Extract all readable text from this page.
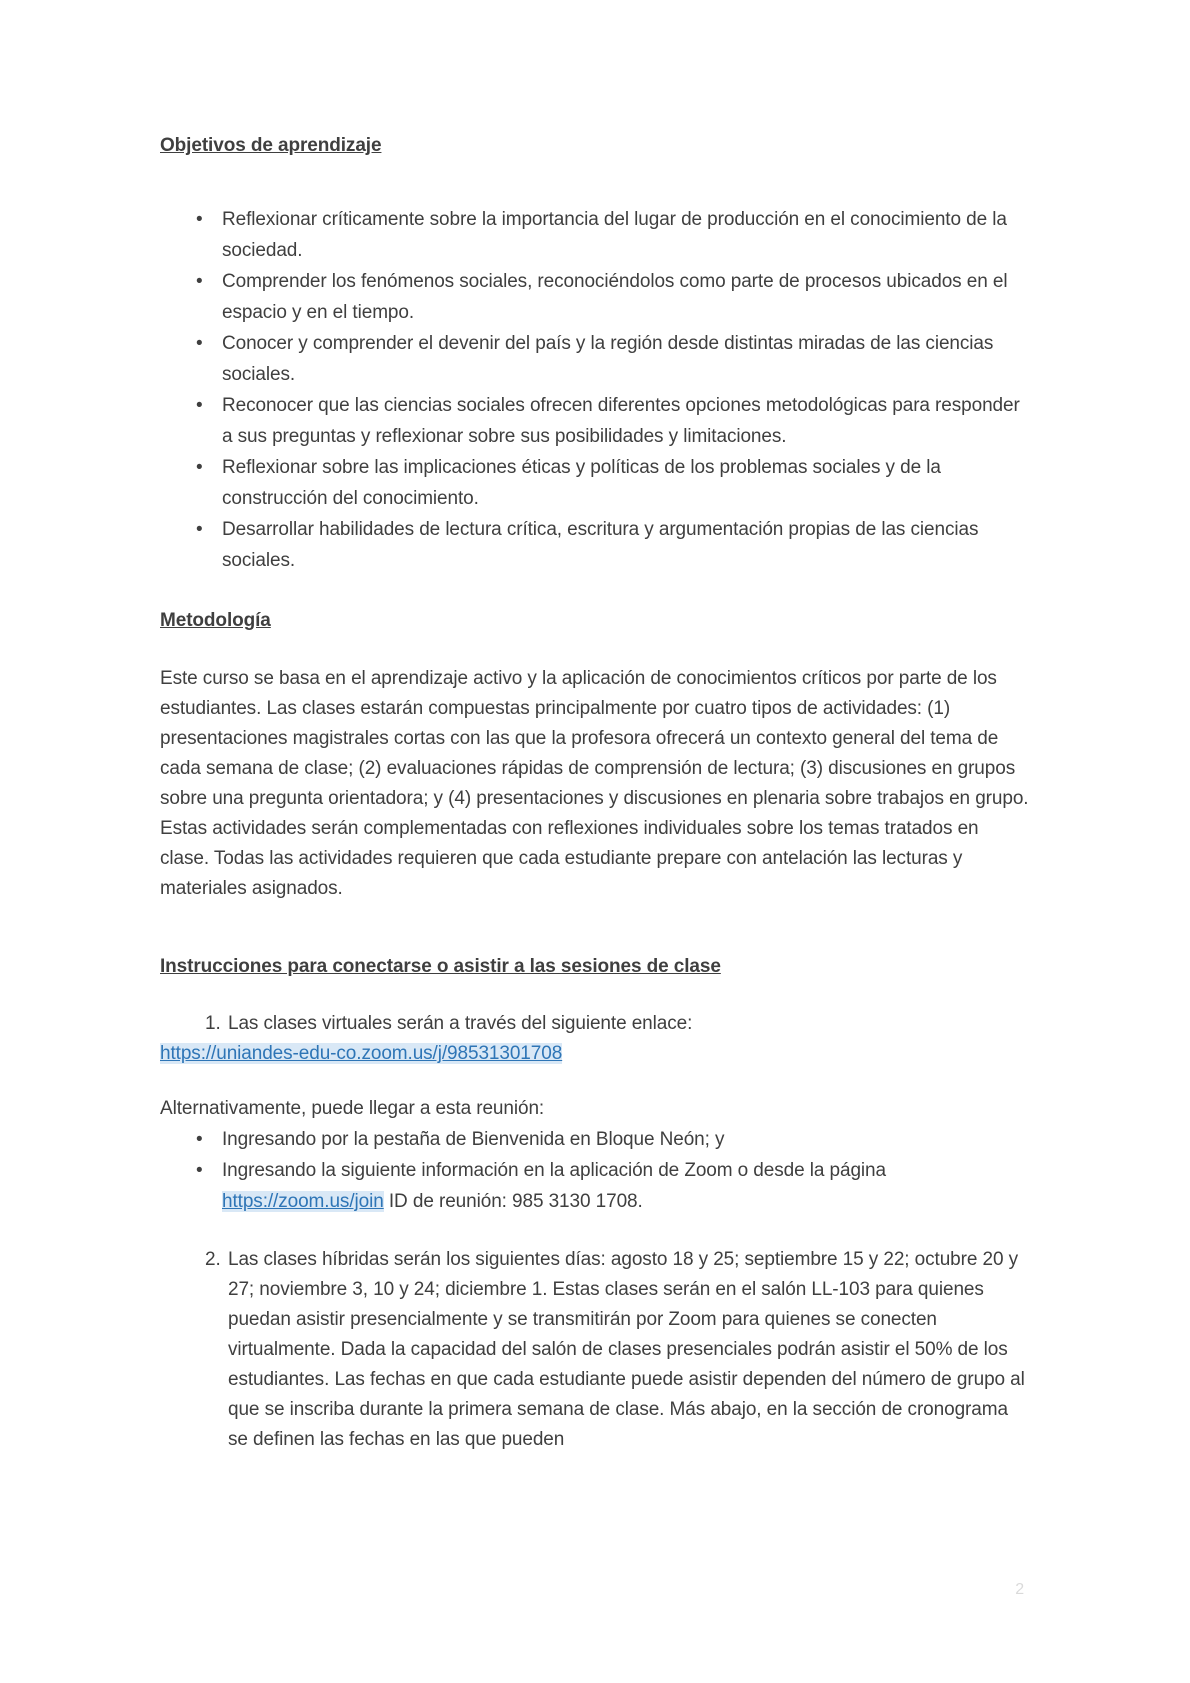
Objetivos de aprendizaje
• Reflexionar críticamente sobre la importancia del lugar de producción en el conocimiento de la sociedad.
• Comprender los fenómenos sociales, reconociéndolos como parte de procesos ubicados en el espacio y en el tiempo.
• Conocer y comprender el devenir del país y la región desde distintas miradas de las ciencias sociales.
• Reconocer que las ciencias sociales ofrecen diferentes opciones metodológicas para responder a sus preguntas y reflexionar sobre sus posibilidades y limitaciones.
• Reflexionar sobre las implicaciones éticas y políticas de los problemas sociales y de la construcción del conocimiento.
• Desarrollar habilidades de lectura crítica, escritura y argumentación propias de las ciencias sociales.
Metodología

Este curso se basa en el aprendizaje activo y la aplicación de conocimientos críticos por parte de los estudiantes. Las clases estarán compuestas principalmente por cuatro tipos de actividades: (1) presentaciones magistrales cortas con las que la profesora ofrecerá un contexto general del tema de cada semana de clase; (2) evaluaciones rápidas de comprensión de lectura; (3) discusiones en grupos sobre una pregunta orientadora; y (4) presentaciones y discusiones en plenaria sobre trabajos en grupo. Estas actividades serán complementadas con reflexiones individuales sobre los temas tratados en clase. Todas las actividades requieren que cada estudiante prepare con antelación las lecturas y materiales asignados.

Instrucciones para conectarse o asistir a las sesiones de clase
1. Las clases virtuales serán a través del siguiente enlace:

https://uniandes-edu-co.zoom.us/j/98531301708

Alternativamente, puede llegar a esta reunión:

• Ingresando por la pestaña de Bienvenida en Bloque Neón; y
• Ingresando la siguiente información en la aplicación de Zoom o desde la página https://zoom.us/join ID de reunión: 985 3130 1708.
2. Las clases híbridas serán los siguientes días: agosto 18 y 25; septiembre 15 y 22; octubre 20 y 27; noviembre 3, 10 y 24; diciembre 1. Estas clases serán en el salón LL-103 para quienes puedan asistir presencialmente y se transmitirán por Zoom para quienes se conecten virtualmente. Dada la capacidad del salón de clases presenciales podrán asistir el 50% de los estudiantes. Las fechas en que cada estudiante puede asistir dependen del número de grupo al que se inscriba durante la primera semana de clase. Más abajo, en la sección de cronograma se definen las fechas en las que pueden
2
